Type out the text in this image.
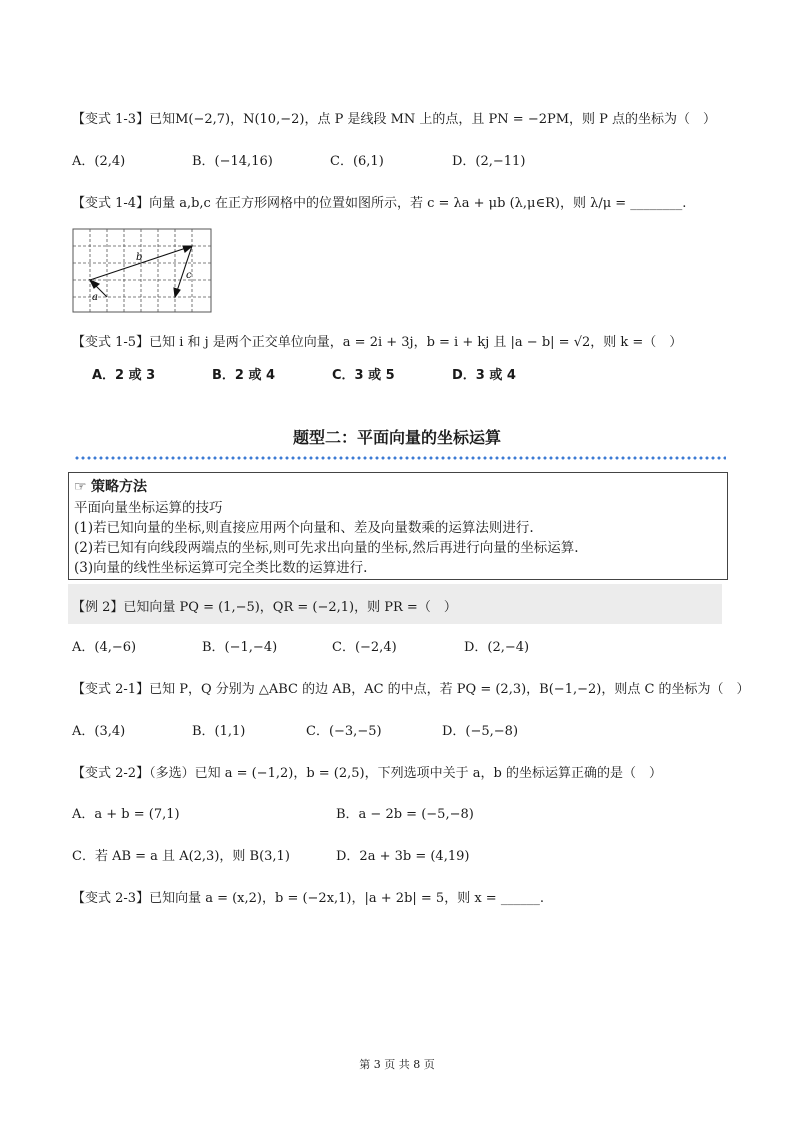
【变式 1-3】已知M(−2,7)，N(10,−2)，点 P 是线段 MN 上的点，且 PN = −2PM，则 P 点的坐标为（　）
A．(2,4)	B．(−14,16)	C．(6,1)	D．(2,−11)
【变式 1-4】向量 a,b,c 在正方形网格中的位置如图所示，若 c = λa + μb (λ,μ∈R)，则 λ/μ = ________.
b
c
a
【变式 1-5】已知 i 和 j 是两个正交单位向量，a = 2i + 3j，b = i + kj 且 |a − b| = √2，则 k =（　）
A．2 或 3	B．2 或 4	C．3 或 5	D．3 或 4
题型二：平面向量的坐标运算
☞ 策略方法
平面向量坐标运算的技巧
(1)若已知向量的坐标,则直接应用两个向量和、差及向量数乘的运算法则进行.
(2)若已知有向线段两端点的坐标,则可先求出向量的坐标,然后再进行向量的坐标运算.
(3)向量的线性坐标运算可完全类比数的运算进行.
【例 2】已知向量 PQ = (1,−5)，QR = (−2,1)，则 PR =（　）
A．(4,−6)	B．(−1,−4)	C．(−2,4)	D．(2,−4)
【变式 2-1】已知 P，Q 分别为 △ABC 的边 AB，AC 的中点，若 PQ = (2,3)，B(−1,−2)，则点 C 的坐标为（　）
A．(3,4)	B．(1,1)	C．(−3,−5)	D．(−5,−8)
【变式 2-2】（多选）已知 a = (−1,2)，b = (2,5)，下列选项中关于 a，b 的坐标运算正确的是（　）
A．a + b = (7,1)	B．a − 2b = (−5,−8)
C．若 AB = a 且 A(2,3)，则 B(3,1)	D．2a + 3b = (4,19)
【变式 2-3】已知向量 a = (x,2)，b = (−2x,1)，|a + 2b| = 5，则 x = ______.
第 3 页 共 8 页
